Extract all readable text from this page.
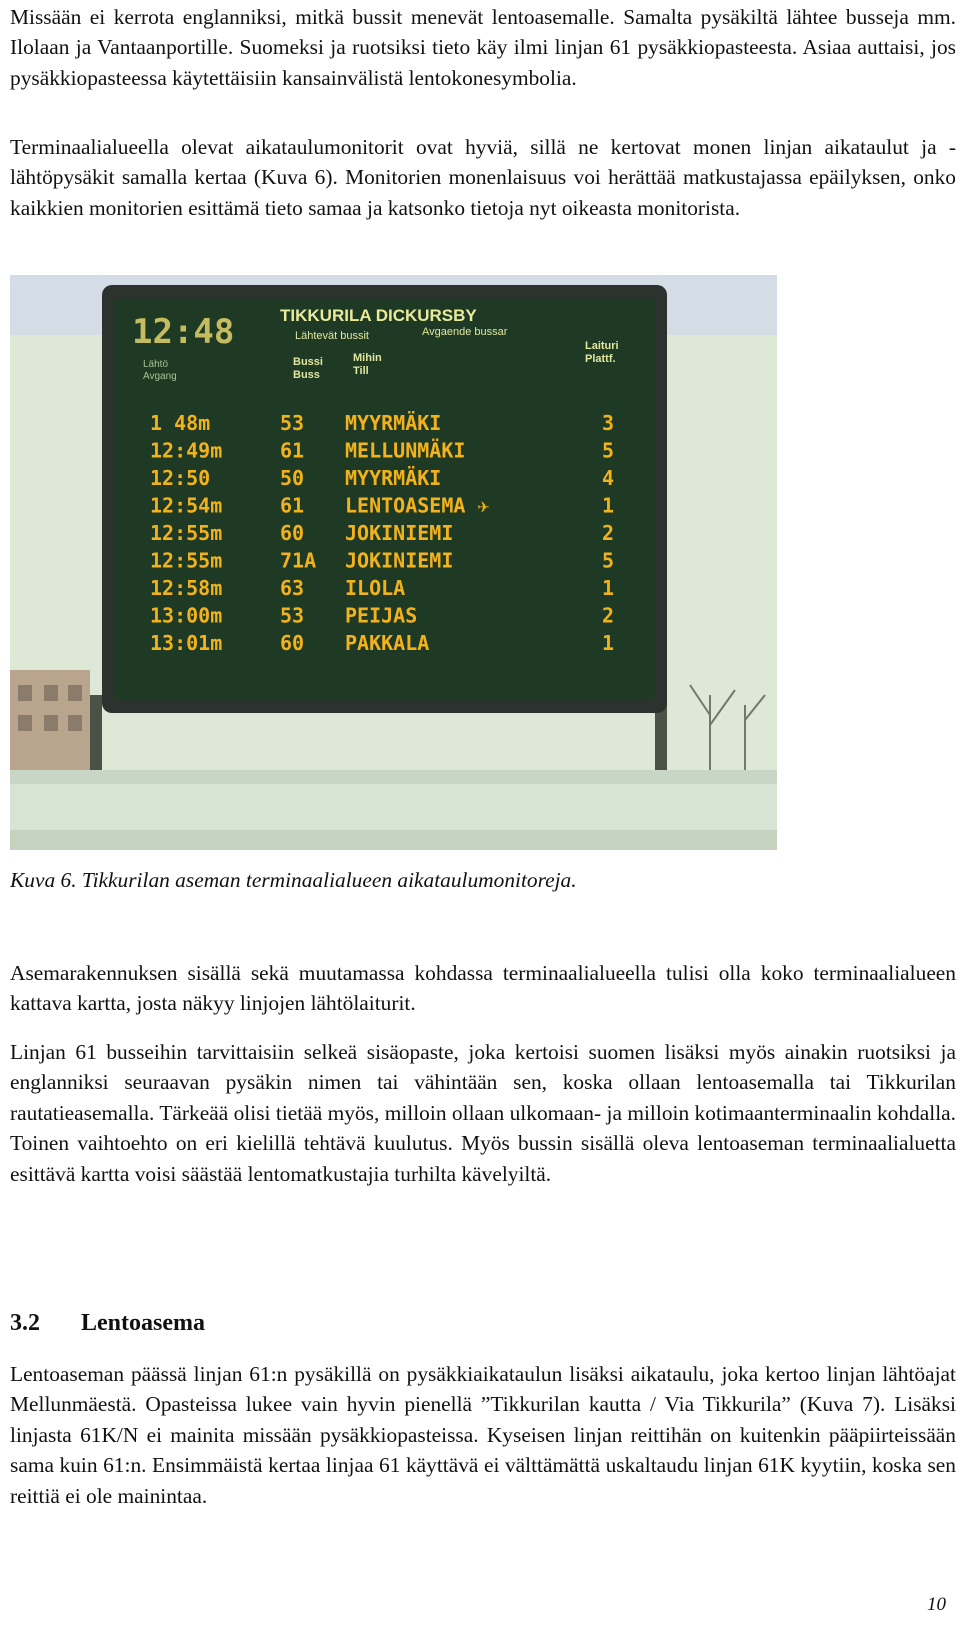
Missään ei kerrota englanniksi, mitkä bussit menevät lentoasemalle. Samalta pysäkiltä lähtee busseja mm. Ilolaan ja Vantaanportille. Suomeksi ja ruotsiksi tieto käy ilmi linjan 61 pysäkkiopasteesta. Asiaa auttaisi, jos pysäkkiopasteessa käytettäisiin kansainvälistä lentokonesymbolia.

Terminaalialueella olevat aikataulumonitorit ovat hyviä, sillä ne kertovat monen linjan aikataulut ja -lähtöpysäkit samalla kertaa (Kuva 6). Monitorien monenlaisuus voi herättää matkustajassa epäilyksen, onko kaikkien monitorien esittämä tieto samaa ja katsonko tietoja nyt oikeasta monitorista.

12:48	TIKKURILA DICKURSBY
Lähtevät bussit	Avgaende bussar
Lähtö
Avgang
Bussi
Buss
Mihin
Till
Laituri
Plattf.
1 48m	53 MYYRMÄKI	3
12:49m	61 MELLUNMÄKI	5
12:50	50 MYYRMÄKI	4
12:54m	61 LENTOASEMA ✈	1
12:55m	60 JOKINIEMI	2
12:55m	71A JOKINIEMI	5
12:58m	63 ILOLA	1
13:00m	53 PEIJAS	2
13:01m	60 PAKKALA	1

Kuva 6. Tikkurilan aseman terminaalialueen aikataulumonitoreja.

Asemarakennuksen sisällä sekä muutamassa kohdassa terminaalialueella tulisi olla koko terminaalialueen kattava kartta, josta näkyy linjojen lähtölaiturit.

Linjan 61 busseihin tarvittaisiin selkeä sisäopaste, joka kertoisi suomen lisäksi myös ainakin ruotsiksi ja englanniksi seuraavan pysäkin nimen tai vähintään sen, koska ollaan lentoasemalla tai Tikkurilan rautatieasemalla. Tärkeää olisi tietää myös, milloin ollaan ulkomaan- ja milloin kotimaanterminaalin kohdalla. Toinen vaihtoehto on eri kielillä tehtävä kuulutus. Myös bussin sisällä oleva lentoaseman terminaalialuetta esittävä kartta voisi säästää lentomatkustajia turhilta kävelyiltä.

3.2 Lentoasema

Lentoaseman päässä linjan 61:n pysäkillä on pysäkkiaikataulun lisäksi aikataulu, joka kertoo linjan lähtöajat Mellunmäestä. Opasteissa lukee vain hyvin pienellä ”Tikkurilan kautta / Via Tikkurila” (Kuva 7). Lisäksi linjasta 61K/N ei mainita missään pysäkkiopasteissa. Kyseisen linjan reittihän on kuitenkin pääpiirteissään sama kuin 61:n. Ensimmäistä kertaa linjaa 61 käyttävä ei välttämättä uskaltaudu linjan 61K kyytiin, koska sen reittiä ei ole mainintaa.

10
